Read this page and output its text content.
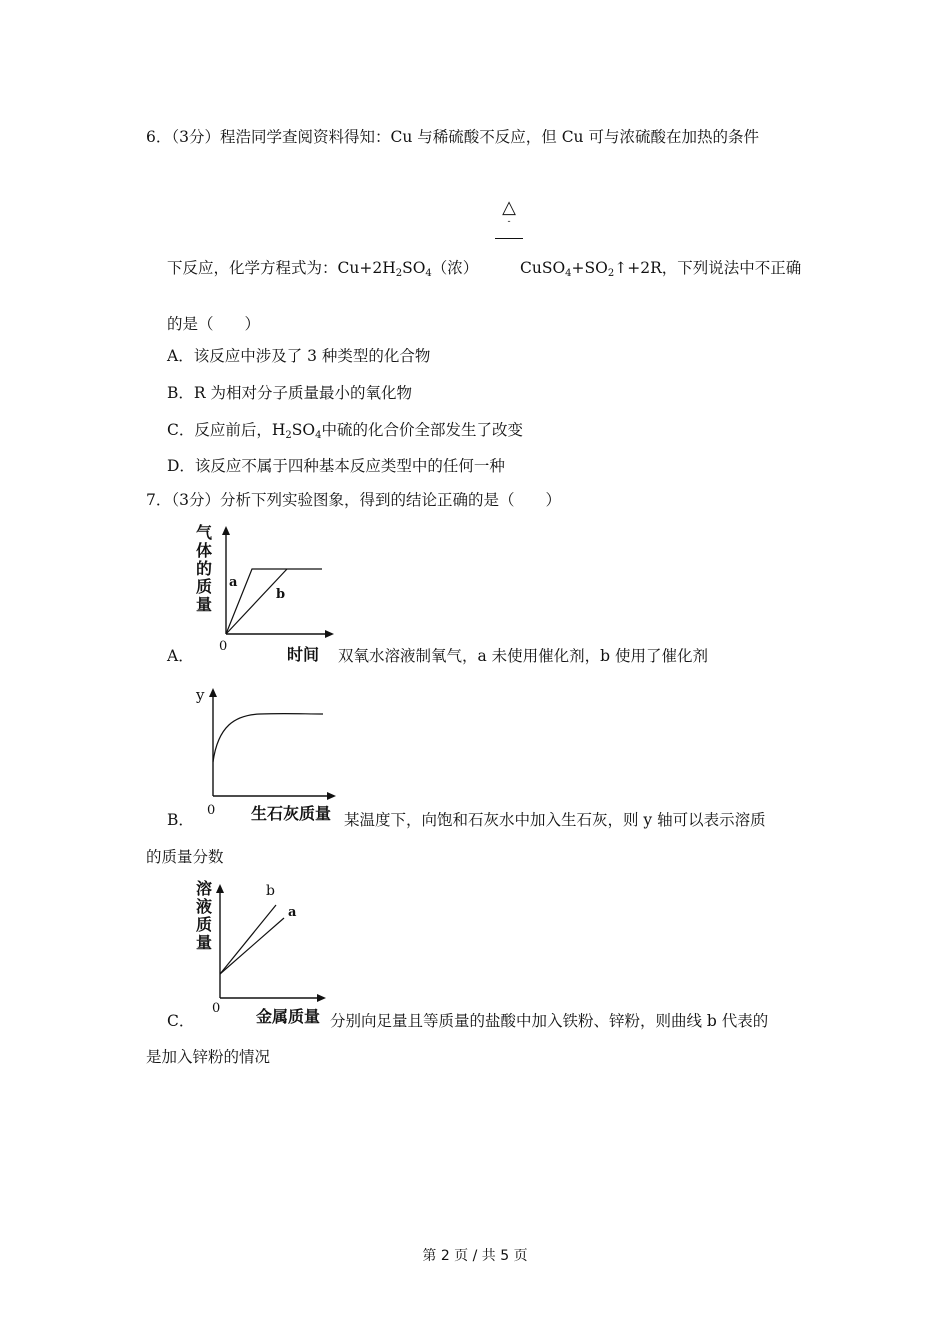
6．（3分）程浩同学查阅资料得知：Cu 与稀硫酸不反应，但 Cu 可与浓硫酸在加热的条件
△
-
下反应，化学方程式为：$Cu+2H_2SO_4$（浓）	$CuSO_4+SO_2↑+2R$，下列说法中不正确
的是（　　）
A．该反应中涉及了 3 种类型的化合物
B．R 为相对分子质量最小的氧化物
C．反应前后，$H_2SO_4$中硫的化合价全部发生了改变
D．该反应不属于四种基本反应类型中的任何一种
7．（3分）分析下列实验图象，得到的结论正确的是（　　）
气
体
的
质
量
a
b
0	时间
A．	双氧水溶液制氧气，a 未使用催化剂，b 使用了催化剂
y
0 生石灰质量
B．	某温度下，向饱和石灰水中加入生石灰，则 y 轴可以表示溶质
的质量分数
溶
液
质
量
b
a
0 金属质量
C．	分别向足量且等质量的盐酸中加入铁粉、锌粉，则曲线 b 代表的
是加入锌粉的情况
第 2 页 / 共 5 页
